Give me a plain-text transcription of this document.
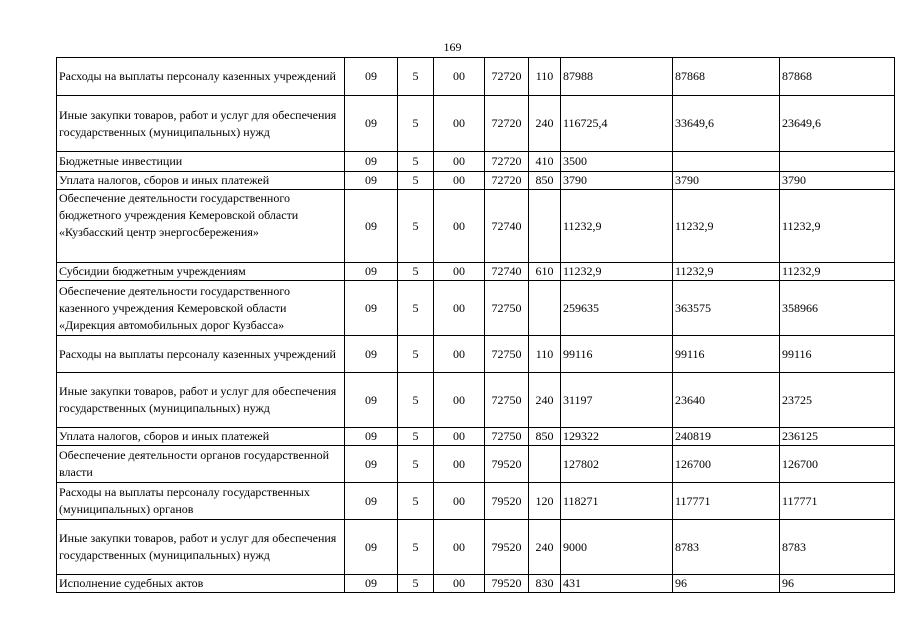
169
Расходы на выплаты персоналу казенных учреждений	09	5	00	72720	110	87988	87868	87868
Иные закупки товаров, работ и услуг для обеспечения государственных (муниципальных) нужд	09	5	00	72720	240	116725,4	33649,6	23649,6
Бюджетные инвестиции	09	5	00	72720	410	3500		
Уплата налогов, сборов и иных платежей	09	5	00	72720	850	3790	3790	3790
Обеспечение деятельности государственного бюджетного учреждения Кемеровской области «Кузбасский центр энергосбережения»	09	5	00	72740		11232,9	11232,9	11232,9
Субсидии бюджетным учреждениям	09	5	00	72740	610	11232,9	11232,9	11232,9
Обеспечение деятельности государственного казенного учреждения Кемеровской области «Дирекция автомобильных дорог Кузбасса»	09	5	00	72750		259635	363575	358966
Расходы на выплаты персоналу казенных учреждений	09	5	00	72750	110	99116	99116	99116
Иные закупки товаров, работ и услуг для обеспечения государственных (муниципальных) нужд	09	5	00	72750	240	31197	23640	23725
Уплата налогов, сборов и иных платежей	09	5	00	72750	850	129322	240819	236125
Обеспечение деятельности органов государственной власти	09	5	00	79520		127802	126700	126700
Расходы на выплаты персоналу государственных (муниципальных) органов	09	5	00	79520	120	118271	117771	117771
Иные закупки товаров, работ и услуг для обеспечения государственных (муниципальных) нужд	09	5	00	79520	240	9000	8783	8783
Исполнение судебных актов	09	5	00	79520	830	431	96	96
